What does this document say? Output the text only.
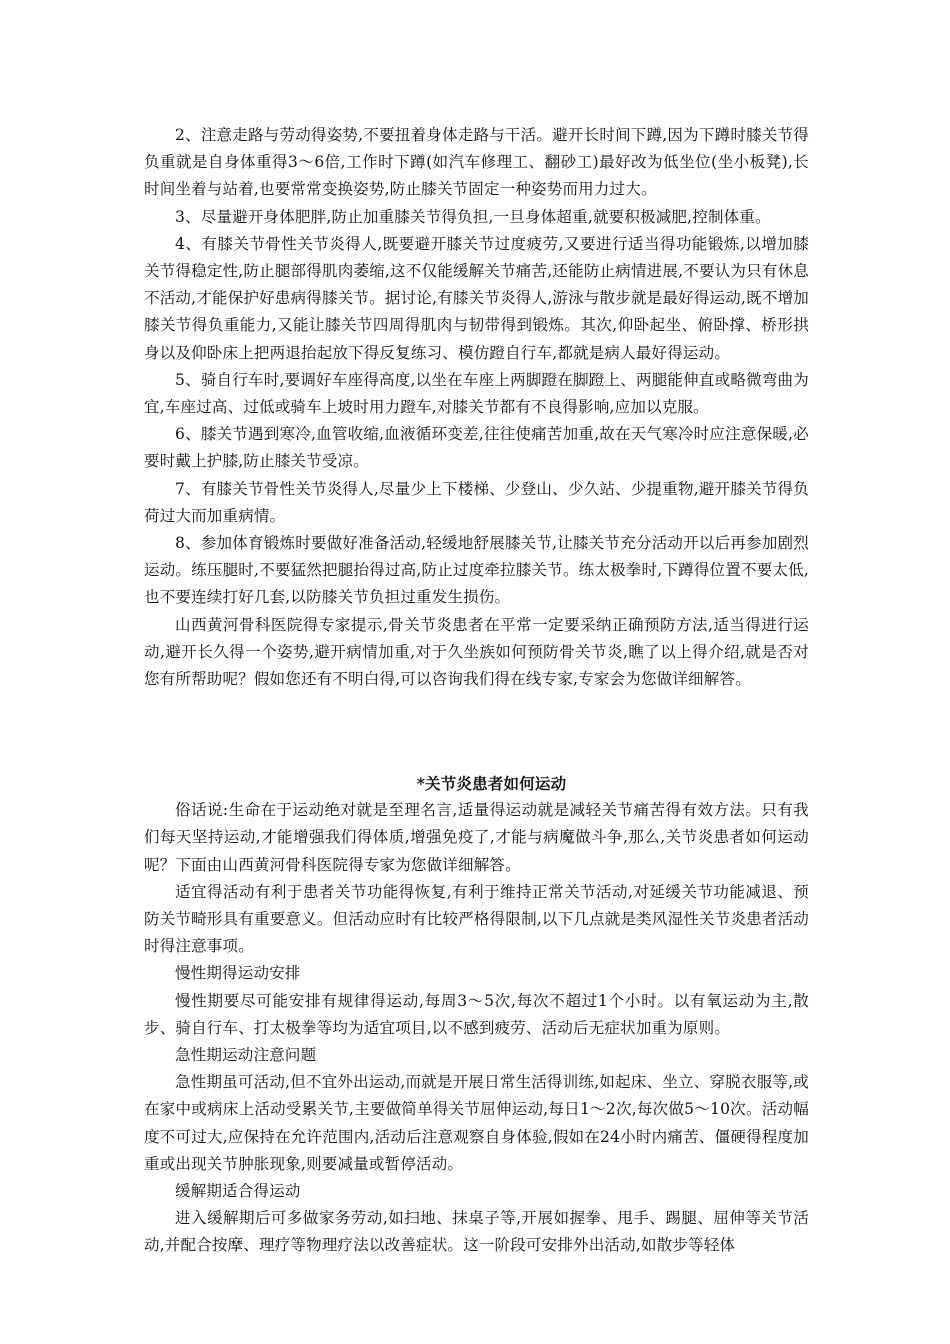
2、注意走路与劳动得姿势,不要扭着身体走路与干活。避开长时间下蹲,因为下蹲时膝关节得负重就是自身体重得3～6倍,工作时下蹲(如汽车修理工、翻砂工)最好改为低坐位(坐小板凳),长时间坐着与站着,也要常常变换姿势,防止膝关节固定一种姿势而用力过大。

3、尽量避开身体肥胖,防止加重膝关节得负担,一旦身体超重,就要积极减肥,控制体重。

4、有膝关节骨性关节炎得人,既要避开膝关节过度疲劳,又要进行适当得功能锻炼,以增加膝关节得稳定性,防止腿部得肌肉萎缩,这不仅能缓解关节痛苦,还能防止病情进展,不要认为只有休息不活动,才能保护好患病得膝关节。据讨论,有膝关节炎得人,游泳与散步就是最好得运动,既不增加膝关节得负重能力,又能让膝关节四周得肌肉与韧带得到锻炼。其次,仰卧起坐、俯卧撑、桥形拱身以及仰卧床上把两退抬起放下得反复练习、模仿蹬自行车,都就是病人最好得运动。

5、骑自行车时,要调好车座得高度,以坐在车座上两脚蹬在脚蹬上、两腿能伸直或略微弯曲为宜,车座过高、过低或骑车上坡时用力蹬车,对膝关节都有不良得影响,应加以克服。

6、膝关节遇到寒冷,血管收缩,血液循环变差,往往使痛苦加重,故在天气寒冷时应注意保暖,必要时戴上护膝,防止膝关节受凉。

7、有膝关节骨性关节炎得人,尽量少上下楼梯、少登山、少久站、少提重物,避开膝关节得负荷过大而加重病情。

8、参加体育锻炼时要做好准备活动,轻缓地舒展膝关节,让膝关节充分活动开以后再参加剧烈运动。练压腿时,不要猛然把腿抬得过高,防止过度牵拉膝关节。练太极拳时,下蹲得位置不要太低,也不要连续打好几套,以防膝关节负担过重发生损伤。

山西黄河骨科医院得专家提示,骨关节炎患者在平常一定要采纳正确预防方法,适当得进行运动,避开长久得一个姿势,避开病情加重,对于久坐族如何预防骨关节炎,瞧了以上得介绍,就是否对您有所帮助呢？假如您还有不明白得,可以咨询我们得在线专家,专家会为您做详细解答。

*关节炎患者如何运动

俗话说:生命在于运动绝对就是至理名言,适量得运动就是减轻关节痛苦得有效方法。只有我们每天坚持运动,才能增强我们得体质,增强免疫了,才能与病魔做斗争,那么,关节炎患者如何运动呢？下面由山西黄河骨科医院得专家为您做详细解答。

适宜得活动有利于患者关节功能得恢复,有利于维持正常关节活动,对延缓关节功能减退、预防关节畸形具有重要意义。但活动应时有比较严格得限制,以下几点就是类风湿性关节炎患者活动时得注意事项。

慢性期得运动安排

慢性期要尽可能安排有规律得运动,每周3～5次,每次不超过1个小时。以有氧运动为主,散步、骑自行车、打太极拳等均为适宜项目,以不感到疲劳、活动后无症状加重为原则。

急性期运动注意问题

急性期虽可活动,但不宜外出运动,而就是开展日常生活得训练,如起床、坐立、穿脱衣服等,或在家中或病床上活动受累关节,主要做简单得关节屈伸运动,每日1～2次,每次做5～10次。活动幅度不可过大,应保持在允许范围内,活动后注意观察自身体验,假如在24小时内痛苦、僵硬得程度加重或出现关节肿胀现象,则要减量或暂停活动。

缓解期适合得运动

进入缓解期后可多做家务劳动,如扫地、抹桌子等,开展如握拳、甩手、踢腿、屈伸等关节活动,并配合按摩、理疗等物理疗法以改善症状。这一阶段可安排外出活动,如散步等轻体
